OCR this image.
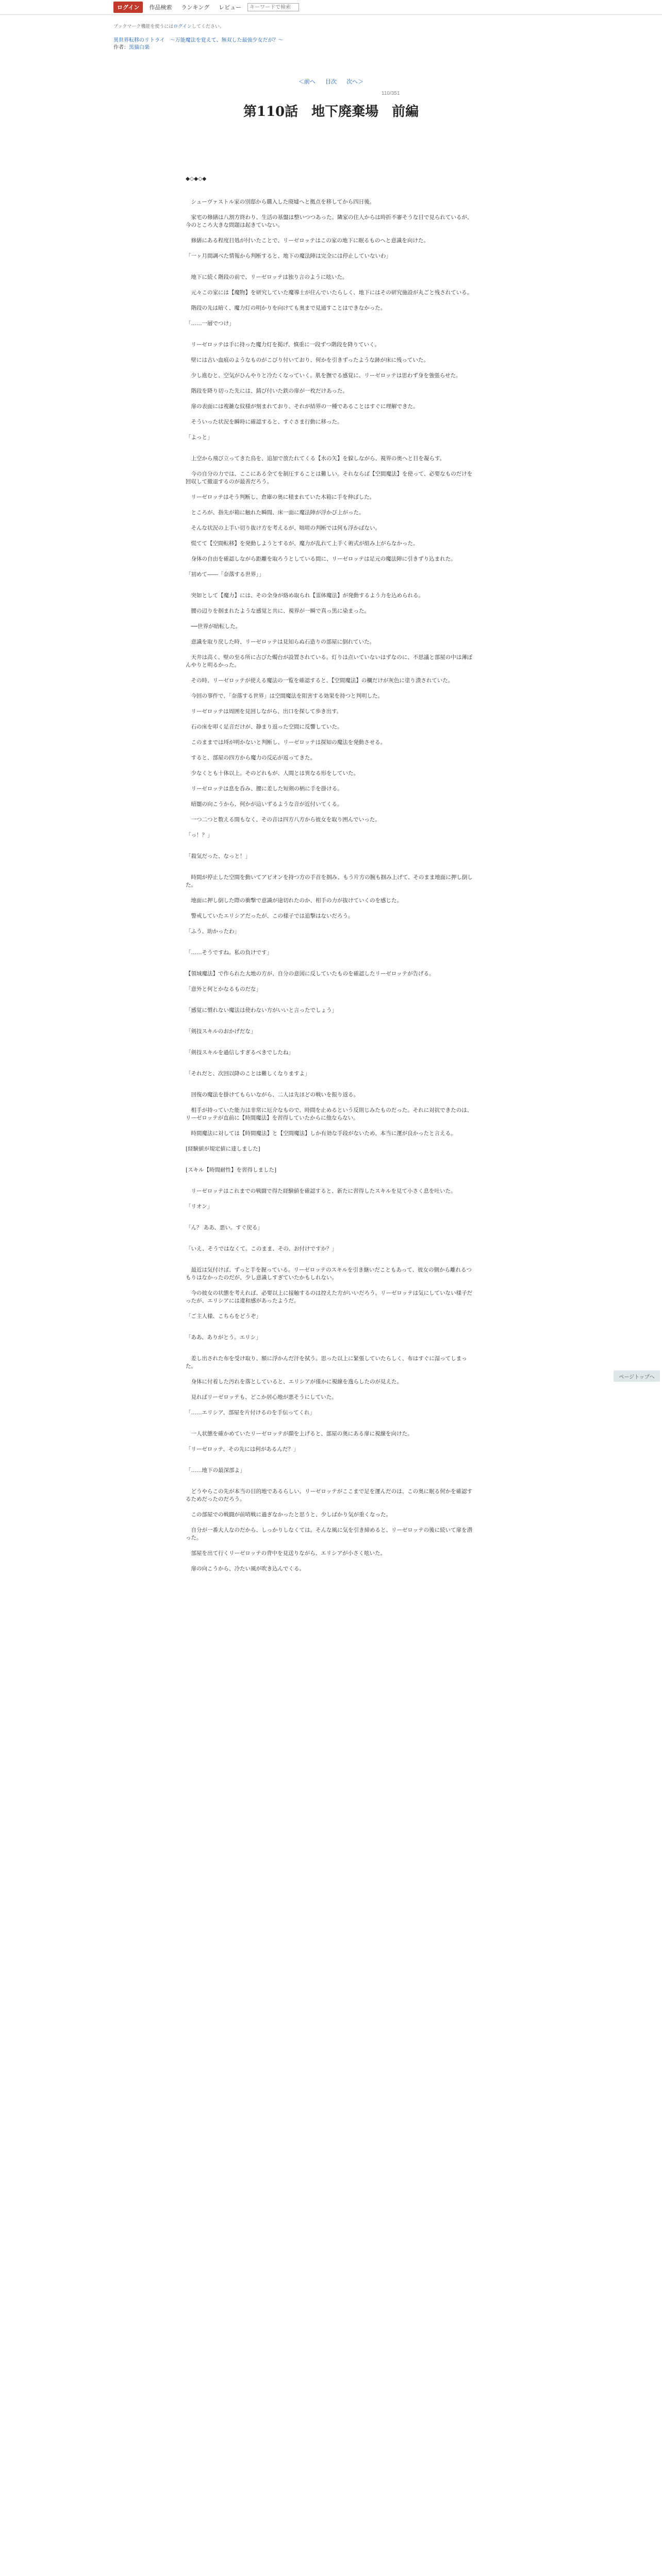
ログイン	作品検索	ランキング	レビュー
キーワードで検索
ブックマーク機能を使うにはログインしてください。
異世界転移のリトライ　～万能魔法を覚えて、無双した最強少女だが？～
作者：黒猫白楽
＜前へ 目次 次へ＞
110/351
第110話　地下廃棄場　前編

◆◇◆◇◆

　シューヴァストル家の別邸から購入した廃墟へと拠点を移してから四日後。

　家宅の修繕は八割方終わり、生活の基盤は整いつつあった。隣家の住人からは時折不審そうな目で見られているが、今のところ大きな問題は起きていない。

　修繕にある程度目処が付いたことで、リーゼロッテはこの家の地下に眠るものへと意識を向けた。

「一ヶ月間調べた情報から判断すると、地下の魔法陣は完全には停止していないわ」

　地下に続く階段の前で、リーゼロッテは独り言のように呟いた。

　元々この家には【魔物】を研究していた魔導士が住んでいたらしく、地下にはその研究施設が丸ごと残されている。

　階段の先は暗く、魔力灯の明かりを向けても奥まで見通すことはできなかった。

「……一層でつけ」

　リーゼロッテは手に持った魔力灯を掲げ、慎重に一段ずつ階段を降りていく。

　壁には古い血痕のようなものがこびり付いており、何かを引きずったような跡が床に残っていた。

　少し進むと、空気がひんやりと冷たくなっていく。肌を撫でる感覚に、リーゼロッテは思わず身を強張らせた。

　階段を降り切った先には、錆び付いた鉄の扉が一枚だけあった。

　扉の表面には複雑な紋様が刻まれており、それが結界の一種であることはすぐに理解できた。

　そういった状況を瞬時に確認すると、すぐさま行動に移った。

「よっと」

　上空から飛び立ってきた鳥を、追加で放たれてくる【水の矢】を躱しながら、視界の奥へと目を凝らす。

　今の自分の力では、ここにある全てを制圧することは難しい。それならば【空間魔法】を使って、必要なものだけを回収して撤退するのが最善だろう。

　リーゼロッテはそう判断し、倉庫の奥に積まれていた木箱に手を伸ばした。

　ところが、指先が箱に触れた瞬間、床一面に魔法陣が浮かび上がった。

　そんな状況の上手い切り抜け方を考えるが、咄嗟の判断では何も浮かばない。

　慌てて【空間転移】を発動しようとするが、魔力が乱れて上手く術式が組み上がらなかった。

　身体の自由を確認しながら距離を取ろうとしている間に、リーゼロッテは足元の魔法陣に引きずり込まれた。

「初めて――「奈落する世界」」

　突如として【魔力】には、その全身が絡め取られ【霊体魔法】が発動するよう力を込められる。

　腰の辺りを掴まれたような感覚と共に、視界が一瞬で真っ黒に染まった。

　──世界が暗転した。

　意識を取り戻した時、リーゼロッテは見知らぬ石造りの部屋に倒れていた。

　天井は高く、壁の至る所に古びた燭台が設置されている。灯りは点いていないはずなのに、不思議と部屋の中は薄ぼんやりと明るかった。

　その時、リーゼロッテが使える魔法の一覧を確認すると、【空間魔法】の欄だけが灰色に塗り潰されていた。

　今回の事件で、「奈落する世界」は空間魔法を阻害する効果を持つと判明した。

　リーゼロッテは周囲を見回しながら、出口を探して歩き出す。

　石の床を叩く足音だけが、静まり返った空間に反響していた。

　このままでは埒が明かないと判断し、リーゼロッテは探知の魔法を発動させる。

　すると、部屋の四方から魔力の反応が返ってきた。

　少なくとも十体以上。そのどれもが、人間とは異なる形をしていた。

　リーゼロッテは息を呑み、腰に差した短剣の柄に手を掛ける。

　暗闇の向こうから、何かが這いずるような音が近付いてくる。

　一つ二つと数える間もなく、その音は四方八方から彼女を取り囲んでいった。

「っ！？」

「殺気だった、なっと！」

　時間が停止した空間を動いてアビオンを持つ方の手首を掴み、もう片方の腕も掴み上げて、そのまま地面に押し倒した。

　地面に押し倒した際の衝撃で意識が途切れたのか、相手の力が抜けていくのを感じた。

　警戒していたエリシアだったが、この様子では追撃はないだろう。

「ふう、助かったわ」

「……そうですね。私の負けです」

【領域魔法】で作られた大地の方が、自分の意図に反していたものを確認したリーゼロッテが告げる。

「意外と何とかなるものだな」

「感覚に慣れない魔法は使わない方がいいと言ったでしょう」

「剣技スキルのおかげだな」

「剣技スキルを過信しすぎるべきでしたね」

「それだと、次回以降のことは難しくなりますよ」

　回復の魔法を掛けてもらいながら、二人は先ほどの戦いを振り返る。

　相手が持っていた能力は非常に厄介なもので、時間を止めるという反則じみたものだった。それに対抗できたのは、リーゼロッテが直前に【時間魔法】を習得していたからに他ならない。

　時間魔法に対しては【時間魔法】と【空間魔法】しか有効な手段がないため、本当に運が良かったと言える。

[経験値が規定値に達しました]

[スキル【時間耐性】を習得しました]

　リーゼロッテはこれまでの戦闘で得た経験値を確認すると、新たに習得したスキルを見て小さく息を吐いた。

「リオン」

「ん？ ああ、悪い。すぐ戻る」

「いえ、そうではなくて。このまま、その、お付けですか？」

　最近は気付けば、ずっと手を握っている。リーゼロッテのスキルを引き継いだこともあって、彼女の側から離れるつもりはなかったのだが、少し意識しすぎていたかもしれない。

　今の彼女の状態を考えれば、必要以上に接触するのは控えた方がいいだろう。リーゼロッテは気にしていない様子だったが、エリシアには違和感があったようだ。

「ご主人様、こちらをどうぞ」

「ああ、ありがとう。エリシ」

　差し出された布を受け取り、額に浮かんだ汗を拭う。思った以上に緊張していたらしく、布はすぐに湿ってしまった。

　身体に付着した汚れを落としていると、エリシアが僅かに視線を逸らしたのが見えた。

　見ればリーゼロッテも、どこか居心地が悪そうにしていた。

「……エリシア、部屋を片付けるのを手伝ってくれ」

　一人状態を確かめていたリーゼロッテが顔を上げると、部屋の奥にある扉に視線を向けた。

「リーゼロッテ、その先には何があるんだ？」

「……地下の最深部よ」

　どうやらこの先が本当の目的地であるらしい。リーゼロッテがここまで足を運んだのは、この奥に眠る何かを確認するためだったのだろう。

　この部屋での戦闘が前哨戦に過ぎなかったと思うと、少しばかり気が重くなった。

　自分が一番大人なのだから、しっかりしなくては。そんな風に気を引き締めると、リーゼロッテの後に続いて扉を潜った。

　部屋を出て行くリーゼロッテの背中を見送りながら、エリシアが小さく呟いた。

　扉の向こうから、冷たい風が吹き込んでくる。

ページトップへ
